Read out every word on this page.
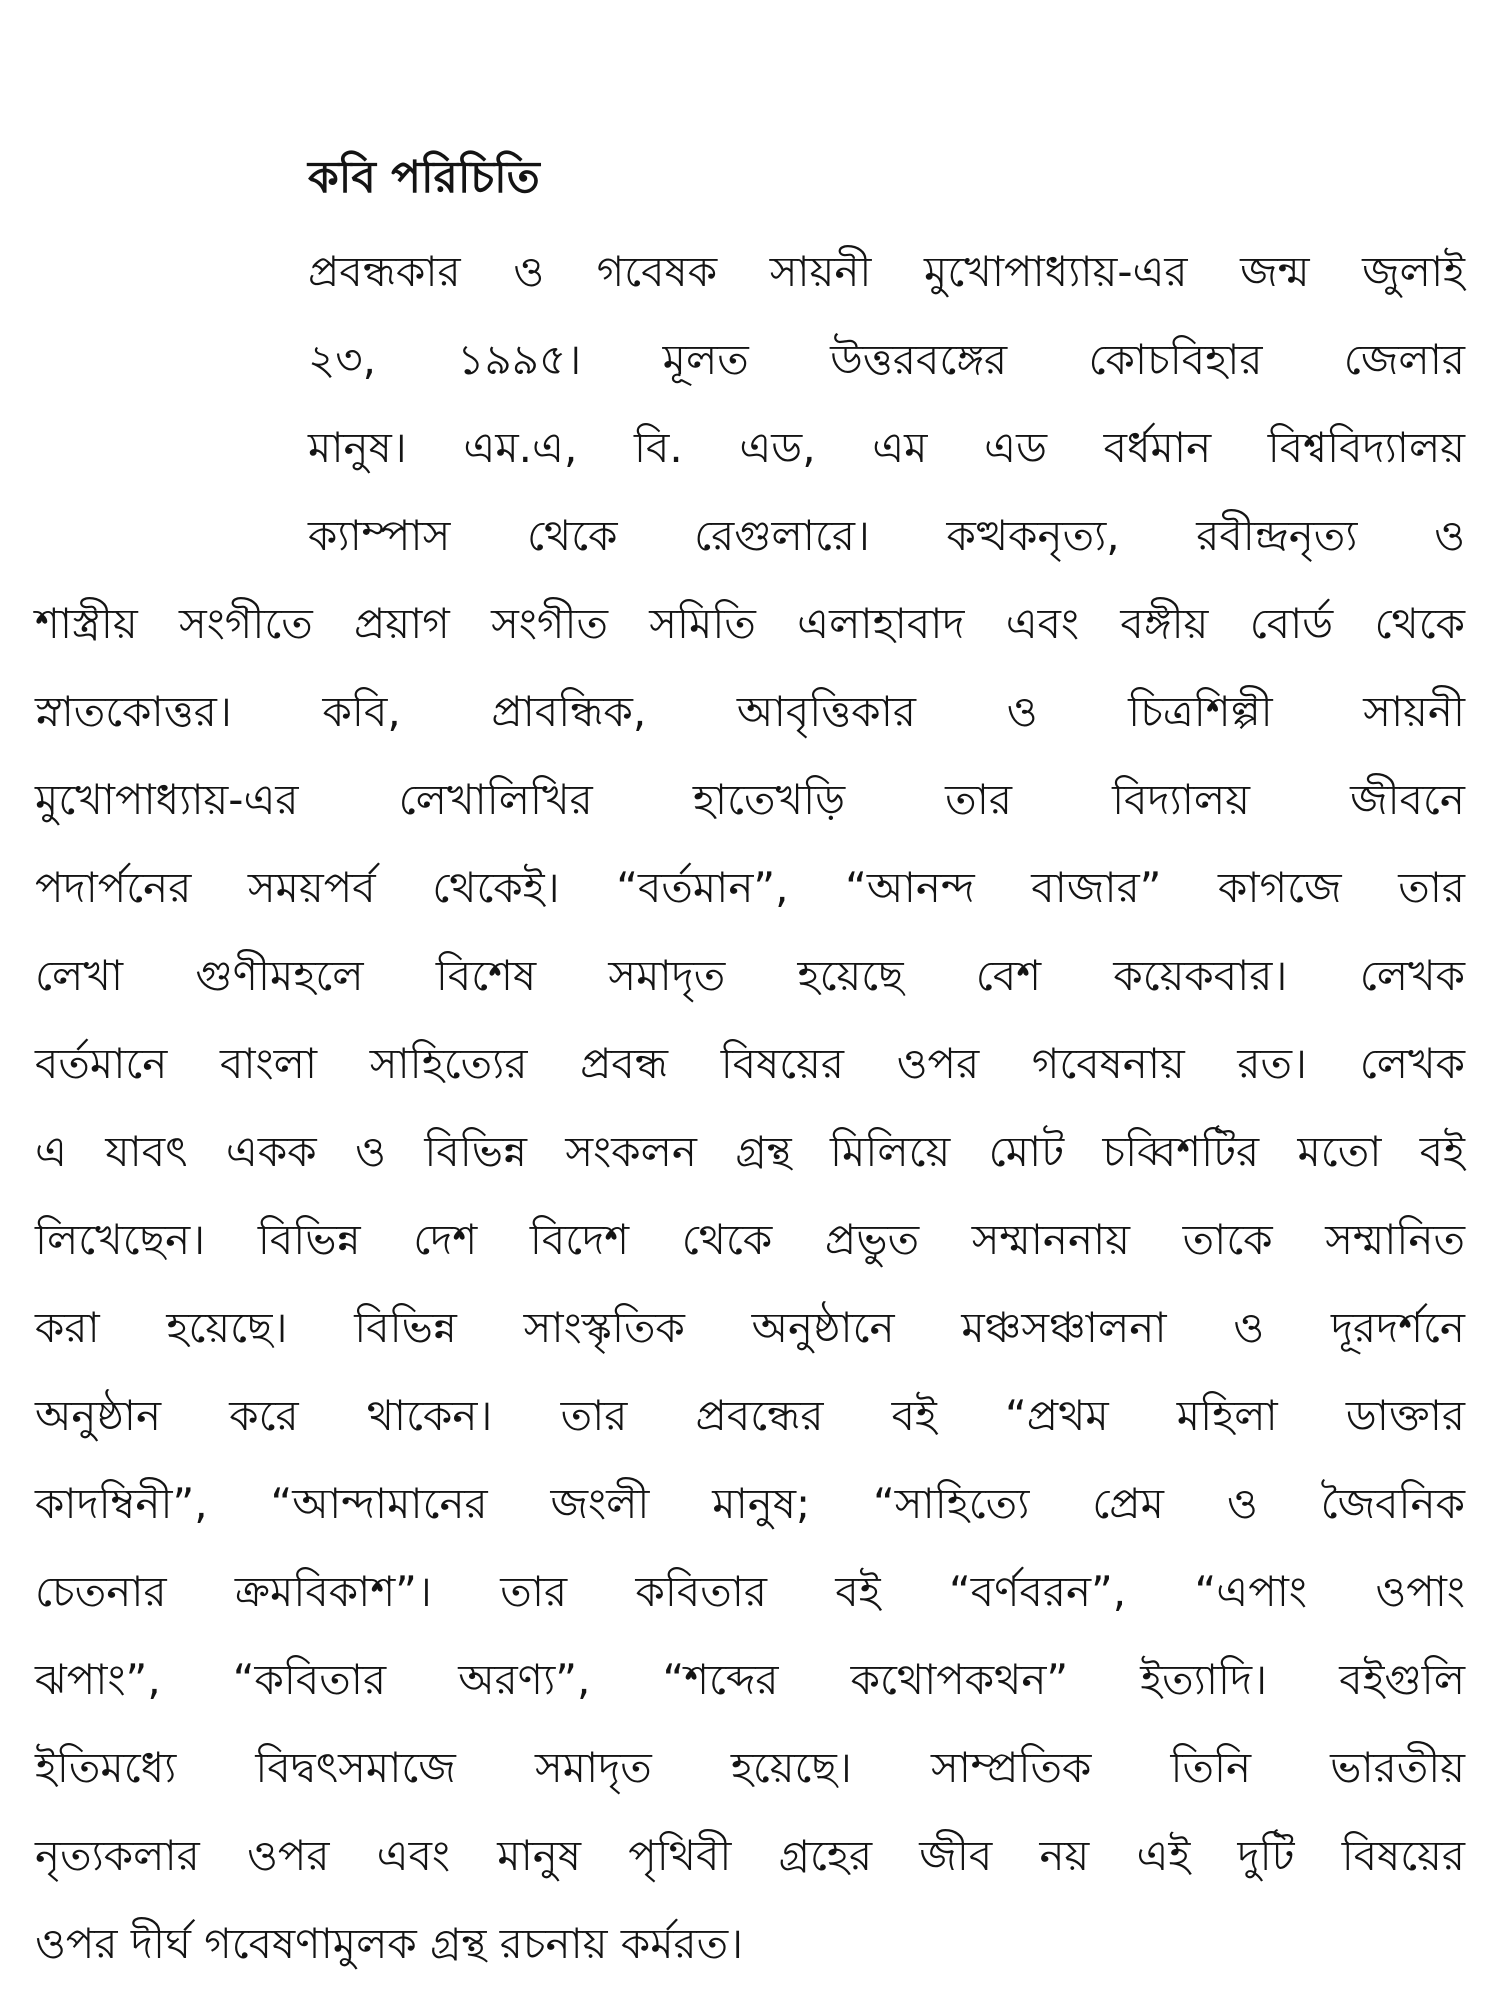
কবি পরিচিতি
প্রবন্ধকার ও গবেষক সায়নী মুখোপাধ্যায়-এর জন্ম জুলাই
২৩, ১৯৯৫। মূলত উত্তরবঙ্গের কোচবিহার জেলার
মানুষ। এম.এ, বি. এড, এম এড বর্ধমান বিশ্ববিদ্যালয়
ক্যাম্পাস থেকে রেগুলারে। কত্থকনৃত্য, রবীন্দ্রনৃত্য ও
শাস্ত্রীয় সংগীতে প্রয়াগ সংগীত সমিতি এলাহাবাদ এবং বঙ্গীয় বোর্ড থেকে
স্নাতকোত্তর। কবি, প্রাবন্ধিক, আবৃত্তিকার ও চিত্রশিল্পী সায়নী
মুখোপাধ্যায়-এর লেখালিখির হাতেখড়ি তার বিদ্যালয় জীবনে
পদার্পনের সময়পর্ব থেকেই। “বর্তমান”, “আনন্দ বাজার” কাগজে তার
লেখা গুণীমহলে বিশেষ সমাদৃত হয়েছে বেশ কয়েকবার। লেখক
বর্তমানে বাংলা সাহিত্যের প্রবন্ধ বিষয়ের ওপর গবেষনায় রত। লেখক
এ যাবৎ একক ও বিভিন্ন সংকলন গ্রন্থ মিলিয়ে মোট চব্বিশটির মতো বই
লিখেছেন। বিভিন্ন দেশ বিদেশ থেকে প্রভুত সম্মাননায় তাকে সম্মানিত
করা হয়েছে। বিভিন্ন সাংস্কৃতিক অনুষ্ঠানে মঞ্চসঞ্চালনা ও দূরদর্শনে
অনুষ্ঠান করে থাকেন। তার প্রবন্ধের বই “প্রথম মহিলা ডাক্তার
কাদম্বিনী”, “আন্দামানের জংলী মানুষ; “সাহিত্যে প্রেম ও জৈবনিক
চেতনার ক্রমবিকাশ”। তার কবিতার বই “বর্ণবরন”, “এপাং ওপাং
ঝপাং”, “কবিতার অরণ্য”, “শব্দের কথোপকথন” ইত্যাদি। বইগুলি
ইতিমধ্যে বিদ্বৎসমাজে সমাদৃত হয়েছে। সাম্প্রতিক তিনি ভারতীয়
নৃত্যকলার ওপর এবং মানুষ পৃথিবী গ্রহের জীব নয় এই দুটি বিষয়ের
ওপর দীর্ঘ গবেষণামুলক গ্রন্থ রচনায় কর্মরত।
